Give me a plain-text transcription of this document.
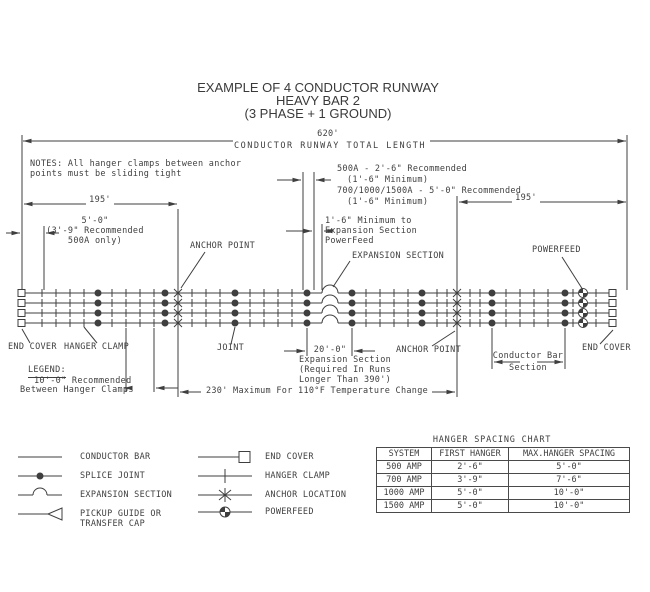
EXAMPLE OF 4 CONDUCTOR RUNWAY
HEAVY BAR 2
(3 PHASE + 1 GROUND)
620'
CONDUCTOR RUNWAY TOTAL LENGTH
NOTES: All hanger clamps between anchor
points must be sliding tight
195'	195'
5'-0"
(3'-9" Recommended
500A only)
500A - 2'-6" Recommended
(1'-6" Minimum)
700/1000/1500A - 5'-0" Recommended
(1'-6" Minimum)
1'-6" Minimum to
Expansion Section
PowerFeed
EXPANSION SECTION
ANCHOR POINT	POWERFEED
END COVER HANGER CLAMP	JOINT	ANCHOR POINT	END COVER
20'-0"
Expansion Section
(Required In Runs
Longer Than 390')
Conductor Bar
Section
LEGEND:
10'-0" Recommended
Between Hanger Clamps	230' Maximum For 110°F Temperature Change
CONDUCTOR BAR
SPLICE JOINT
EXPANSION SECTION
PICKUP GUIDE OR
TRANSFER CAP
END COVER
HANGER CLAMP
ANCHOR LOCATION
POWERFEED
HANGER SPACING CHART
SYSTEM	FIRST HANGER	MAX.HANGER SPACING
500 AMP	2'-6"	5'-0"
700 AMP	3'-9"	7'-6"
1000 AMP	5'-0"	10'-0"
1500 AMP	5'-0"	10'-0"
